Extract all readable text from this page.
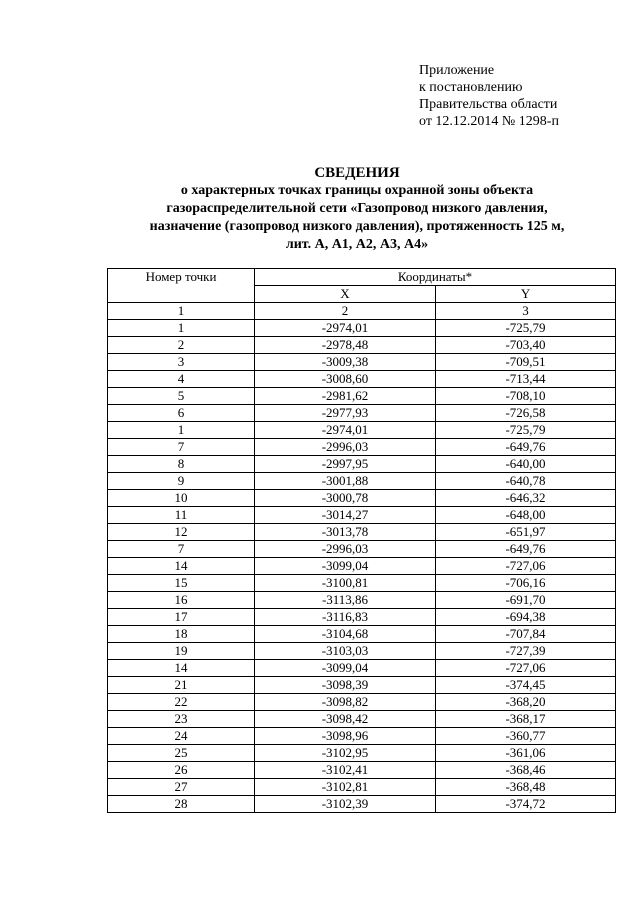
Приложение
к постановлению
Правительства области
от 12.12.2014 № 1298-п
СВЕДЕНИЯ
о характерных точках границы охранной зоны объекта
газораспределительной сети «Газопровод низкого давления,
назначение (газопровод низкого давления), протяженность 125 м,
лит. А, А1, А2, А3, А4»
Номер точки	Координаты*	
	X	Y
1	2	3
1	-2974,01	-725,79
2	-2978,48	-703,40
3	-3009,38	-709,51
4	-3008,60	-713,44
5	-2981,62	-708,10
6	-2977,93	-726,58
1	-2974,01	-725,79
7	-2996,03	-649,76
8	-2997,95	-640,00
9	-3001,88	-640,78
10	-3000,78	-646,32
11	-3014,27	-648,00
12	-3013,78	-651,97
7	-2996,03	-649,76
14	-3099,04	-727,06
15	-3100,81	-706,16
16	-3113,86	-691,70
17	-3116,83	-694,38
18	-3104,68	-707,84
19	-3103,03	-727,39
14	-3099,04	-727,06
21	-3098,39	-374,45
22	-3098,82	-368,20
23	-3098,42	-368,17
24	-3098,96	-360,77
25	-3102,95	-361,06
26	-3102,41	-368,46
27	-3102,81	-368,48
28	-3102,39	-374,72
